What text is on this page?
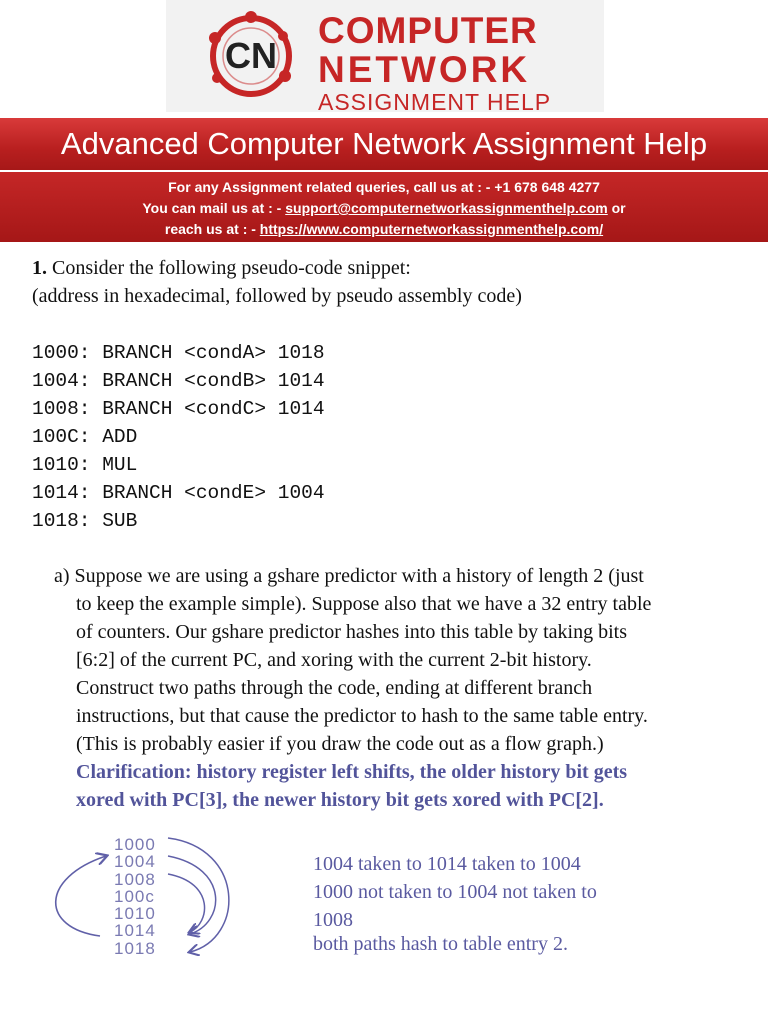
CN
COMPUTER
NETWORK
ASSIGNMENT HELP
Advanced Computer Network Assignment Help
For any Assignment related queries, call us at : - +1 678 648 4277
You can mail us at : - support@computernetworkassignmenthelp.com or
reach us at : - https://www.computernetworkassignmenthelp.com/
1. Consider the following pseudo-code snippet:
(address in hexadecimal, followed by pseudo assembly code)
1000: BRANCH <condA> 1018
1004: BRANCH <condB> 1014
1008: BRANCH <condC> 1014
100C: ADD
1010: MUL
1014: BRANCH <condE> 1004
1018: SUB
a)
Suppose we are using a gshare predictor with a history of length 2 (just
to keep the example simple). Suppose also that we have a 32 entry table
of counters. Our gshare predictor hashes into this table by taking bits
[6:2] of the current PC, and xoring with the current 2-bit history.
Construct two paths through the code, ending at different branch
instructions, but that cause the predictor to hash to the same table entry.
(This is probably easier if you draw the code out as a flow graph.)
Clarification: history register left shifts, the older history bit gets
xored with PC[3], the newer history bit gets xored with PC[2].
1000
1004
1008
100c
1010
1014
1018
1004 taken to 1014 taken to 1004
1000 not taken to 1004 not taken to
1008
both paths hash to table entry 2.
